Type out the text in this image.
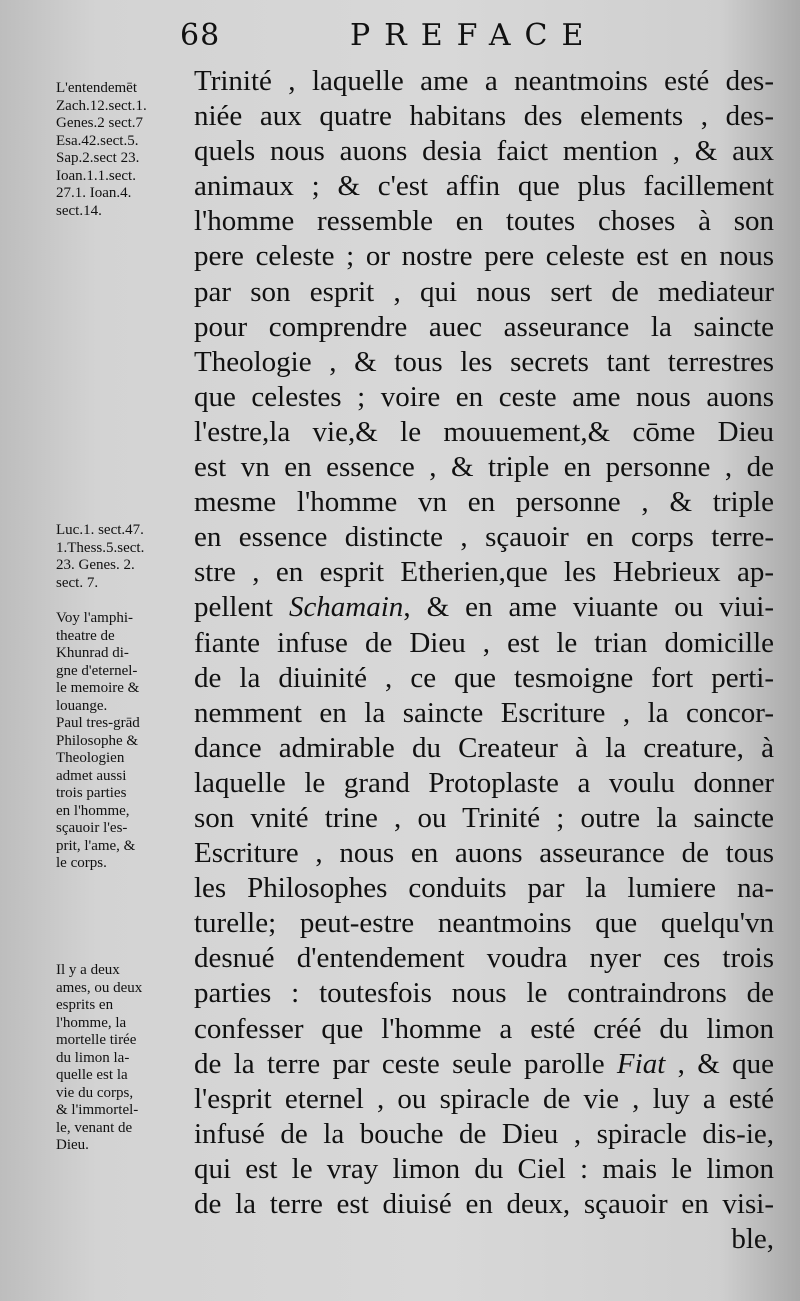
68	PREFACE
L'entendemēt
Zach.12.sect.1.
Genes.2 sect.7
Esa.42.sect.5.
Sap.2.sect 23.
Ioan.1.1.sect.
27.1. Ioan.4.
sect.14.
Luc.1. sect.47.
1.Thess.5.sect.
23. Genes. 2.
sect. 7.
Voy l'amphi-
theatre de
Khunrad di-
gne d'eternel-
le memoire &
louange.
Paul tres-grād
Philosophe &
Theologien
admet aussi
trois parties
en l'homme,
sçauoir l'es-
prit, l'ame, &
le corps.
Il y a deux
ames, ou deux
esprits en
l'homme, la
mortelle tirée
du limon la-
quelle est la
vie du corps,
& l'immortel-
le, venant de
Dieu.
Trinité , laquelle ame a neantmoins esté des-
niée aux quatre habitans des elements , des-
quels nous auons desia faict mention , & aux
animaux ; & c'est affin que plus facillement
l'homme ressemble en toutes choses à son
pere celeste ; or nostre pere celeste est en nous
par son esprit , qui nous sert de mediateur
pour comprendre auec asseurance la saincte
Theologie , & tous les secrets tant terrestres
que celestes ; voire en ceste ame nous auons
l'estre,la vie,& le mouuement,& cōme Dieu
est vn en essence , & triple en personne , de
mesme l'homme vn en personne , & triple
en essence distincte , sçauoir en corps terre-
stre , en esprit Etherien,que les Hebrieux ap-
pellent Schamain, & en ame viuante ou viui-
fiante infuse de Dieu , est le trian domicille
de la diuinité , ce que tesmoigne fort perti-
nemment en la saincte Escriture , la concor-
dance admirable du Createur à la creature, à
laquelle le grand Protoplaste a voulu donner
son vnité trine , ou Trinité ; outre la saincte
Escriture , nous en auons asseurance de tous
les Philosophes conduits par la lumiere na-
turelle; peut-estre neantmoins que quelqu'vn
desnué d'entendement voudra nyer ces trois
parties : toutesfois nous le contraindrons de
confesser que l'homme a esté créé du limon
de la terre par ceste seule parolle Fiat , & que
l'esprit eternel , ou spiracle de vie , luy a esté
infusé de la bouche de Dieu , spiracle dis-ie,
qui est le vray limon du Ciel : mais le limon
de la terre est diuisé en deux, sçauoir en visi-
ble,
